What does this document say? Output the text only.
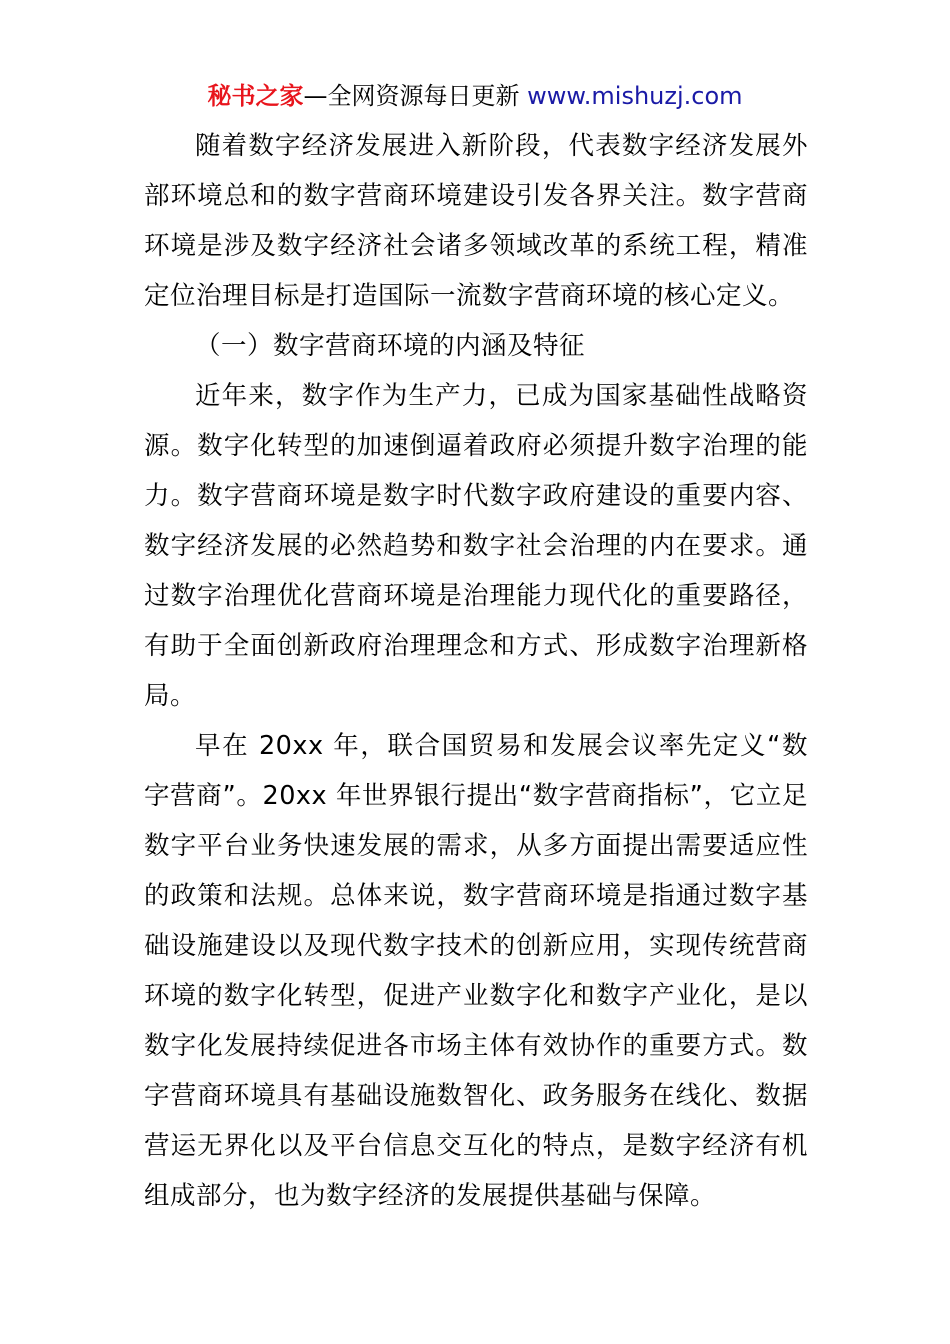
秘书之家—全网资源每日更新 www.mishuzj.com

随着数字经济发展进入新阶段，代表数字经济发展外部环境总和的数字营商环境建设引发各界关注。数字营商环境是涉及数字经济社会诸多领域改革的系统工程，精准定位治理目标是打造国际一流数字营商环境的核心定义。

（一）数字营商环境的内涵及特征

近年来，数字作为生产力，已成为国家基础性战略资源。数字化转型的加速倒逼着政府必须提升数字治理的能力。数字营商环境是数字时代数字政府建设的重要内容、数字经济发展的必然趋势和数字社会治理的内在要求。通过数字治理优化营商环境是治理能力现代化的重要路径，有助于全面创新政府治理理念和方式、形成数字治理新格局。

早在 20xx 年，联合国贸易和发展会议率先定义“数字营商”。20xx 年世界银行提出“数字营商指标”，它立足数字平台业务快速发展的需求，从多方面提出需要适应性的政策和法规。总体来说，数字营商环境是指通过数字基础设施建设以及现代数字技术的创新应用，实现传统营商环境的数字化转型，促进产业数字化和数字产业化，是以数字化发展持续促进各市场主体有效协作的重要方式。数字营商环境具有基础设施数智化、政务服务在线化、数据营运无界化以及平台信息交互化的特点，是数字经济有机组成部分，也为数字经济的发展提供基础与保障。
